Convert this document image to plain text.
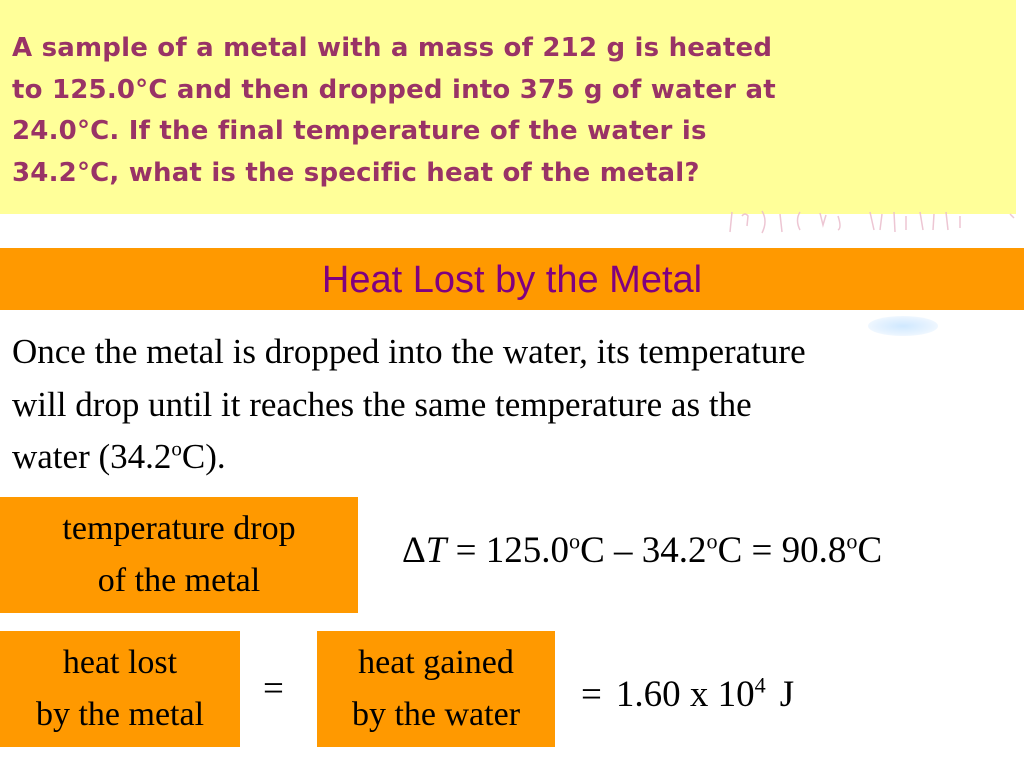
A sample of a metal with a mass of 212 g is heated
to 125.0°C and then dropped into 375 g of water at
24.0°C. If the final temperature of the water is
34.2°C, what is the specific heat of the metal?
Heat Lost by the Metal
Once the metal is dropped into the water, its temperature
will drop until it reaches the same temperature as the
water (34.2$^o$C).
temperature drop
of the metal
$\Delta T = 125.0^oC - 34.2^oC = 90.8^oC$
heat lost
by the metal
=
heat gained
by the water	= 1.60 x $10^4$ J
